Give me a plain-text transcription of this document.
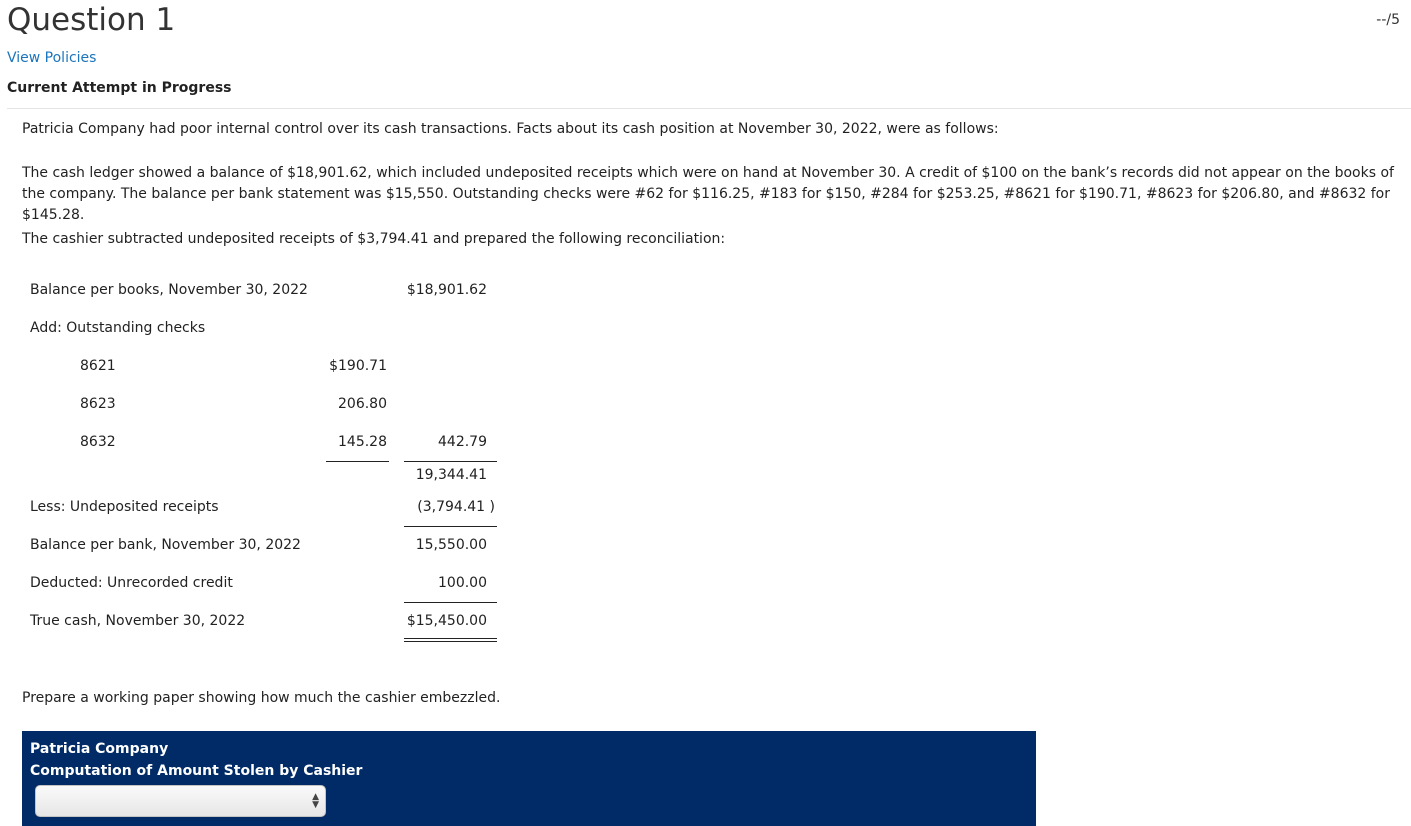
Question 1	--/5
View Policies
Current Attempt in Progress

Patricia Company had poor internal control over its cash transactions. Facts about its cash position at November 30, 2022, were as follows:

The cash ledger showed a balance of $18,901.62, which included undeposited receipts which were on hand at November 30. A credit of $100 on the bank’s records did not appear on the books of the company. The balance per bank statement was $15,550. Outstanding checks were #62 for $116.25, #183 for $150, #284 for $253.25, #8621 for $190.71, #8623 for $206.80, and #8632 for $145.28.

The cashier subtracted undeposited receipts of $3,794.41 and prepared the following reconciliation:

Balance per books, November 30, 2022	$18,901.62
Add: Outstanding checks
8621	$190.71
8623	206.80
8632	145.28	442.79
19,344.41
Less: Undeposited receipts	(3,794.41 )
Balance per bank, November 30, 2022	15,550.00
Deducted: Unrecorded credit	100.00
True cash, November 30, 2022	$15,450.00

Prepare a working paper showing how much the cashier embezzled.

Patricia Company
Computation of Amount Stolen by Cashier
▲
▼
